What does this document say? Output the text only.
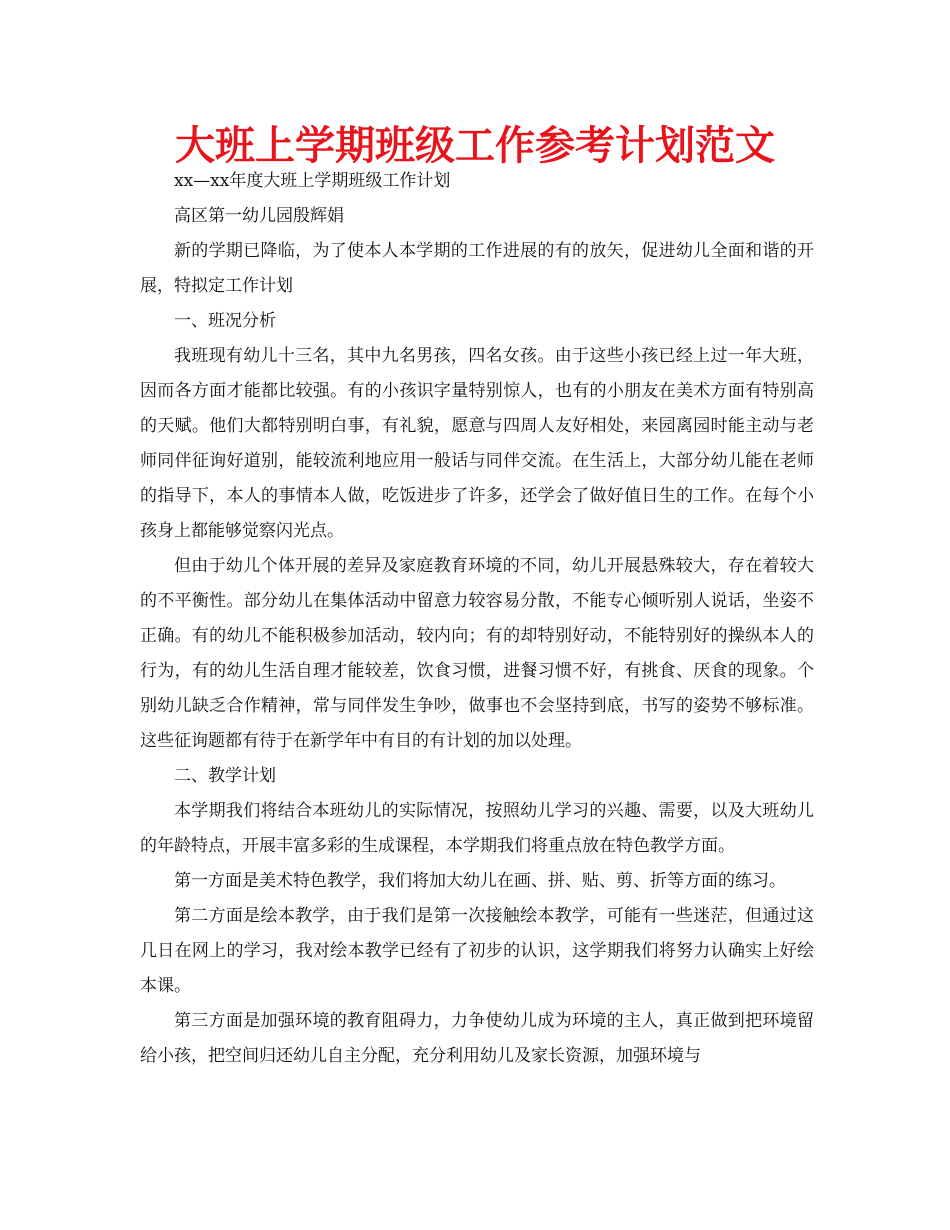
大班上学期班级工作参考计划范文

xx—xx年度大班上学期班级工作计划

高区第一幼儿园殷辉娟

新的学期已降临，为了使本人本学期的工作进展的有的放矢，促进幼儿全面和谐的开展，特拟定工作计划

一、班况分析

我班现有幼儿十三名，其中九名男孩，四名女孩。由于这些小孩已经上过一年大班，因而各方面才能都比较强。有的小孩识字量特别惊人，也有的小朋友在美术方面有特别高的天赋。他们大都特别明白事，有礼貌，愿意与四周人友好相处，来园离园时能主动与老师同伴征询好道别，能较流利地应用一般话与同伴交流。在生活上，大部分幼儿能在老师的指导下，本人的事情本人做，吃饭进步了许多，还学会了做好值日生的工作。在每个小孩身上都能够觉察闪光点。

但由于幼儿个体开展的差异及家庭教育环境的不同，幼儿开展悬殊较大，存在着较大的不平衡性。部分幼儿在集体活动中留意力较容易分散，不能专心倾听别人说话，坐姿不正确。有的幼儿不能积极参加活动，较内向；有的却特别好动，不能特别好的操纵本人的行为，有的幼儿生活自理才能较差，饮食习惯，进餐习惯不好，有挑食、厌食的现象。个别幼儿缺乏合作精神，常与同伴发生争吵，做事也不会坚持到底，书写的姿势不够标准。这些征询题都有待于在新学年中有目的有计划的加以处理。

二、教学计划

本学期我们将结合本班幼儿的实际情况，按照幼儿学习的兴趣、需要，以及大班幼儿的年龄特点，开展丰富多彩的生成课程，本学期我们将重点放在特色教学方面。

第一方面是美术特色教学，我们将加大幼儿在画、拼、贴、剪、折等方面的练习。

第二方面是绘本教学，由于我们是第一次接触绘本教学，可能有一些迷茫，但通过这几日在网上的学习，我对绘本教学已经有了初步的认识，这学期我们将努力认确实上好绘本课。

第三方面是加强环境的教育阻碍力，力争使幼儿成为环境的主人，真正做到把环境留给小孩，把空间归还幼儿自主分配，充分利用幼儿及家长资源，加强环境与
